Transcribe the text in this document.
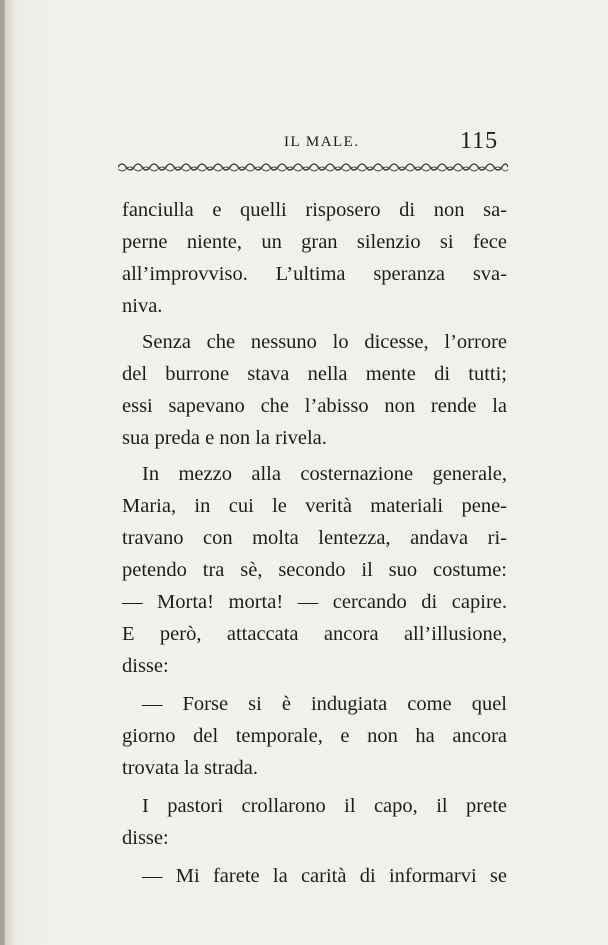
IL MALE.	115
fanciulla e quelli risposero di non sa-
perne niente, un gran silenzio si fece
all’improvviso. L’ultima speranza sva-
niva.
Senza che nessuno lo dicesse, l’orrore
del burrone stava nella mente di tutti;
essi sapevano che l’abisso non rende la
sua preda e non la rivela.
In mezzo alla costernazione generale,
Maria, in cui le verità materiali pene-
travano con molta lentezza, andava ri-
petendo tra sè, secondo il suo costume:
— Morta! morta! — cercando di capire.
E però, attaccata ancora all’illusione,
disse:
— Forse si è indugiata come quel
giorno del temporale, e non ha ancora
trovata la strada.
I pastori crollarono il capo, il prete
disse:
— Mi farete la carità di informarvi se
